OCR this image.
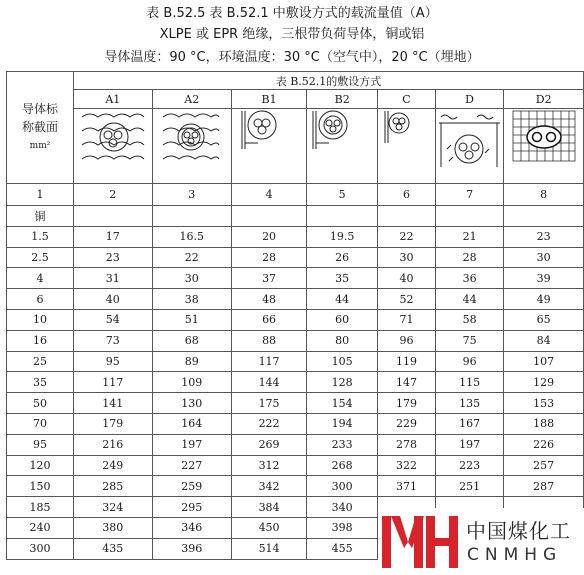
表 B.52.5 表 B.52.1 中敷设方式的载流量值（A）
XLPE 或 EPR 绝缘，三根带负荷导体，铜或铝
导体温度：90 °C，环境温度：30 °C（空气中），20 °C（埋地）
导体标称截面
mm²	表 B.52.1的敷设方式						
	A1	A2	B1	B2	C	D	D2

1	2	3	4	5	6	7	8
铜							
1.5	17	16.5	20	19.5	22	21	23
2.5	23	22	28	26	30	28	30
4	31	30	37	35	40	36	39
6	40	38	48	44	52	44	49
10	54	51	66	60	71	58	65
16	73	68	88	80	96	75	84
25	95	89	117	105	119	96	107
35	117	109	144	128	147	115	129
50	141	130	175	154	179	135	153
70	179	164	222	194	229	167	188
95	216	197	269	233	278	197	226
120	249	227	312	268	322	223	257
150	285	259	342	300	371	251	287
185	324	295	384	340			
240	380	346	450	398			
300	435	396	514	455			
中国煤化工
CNMHG
